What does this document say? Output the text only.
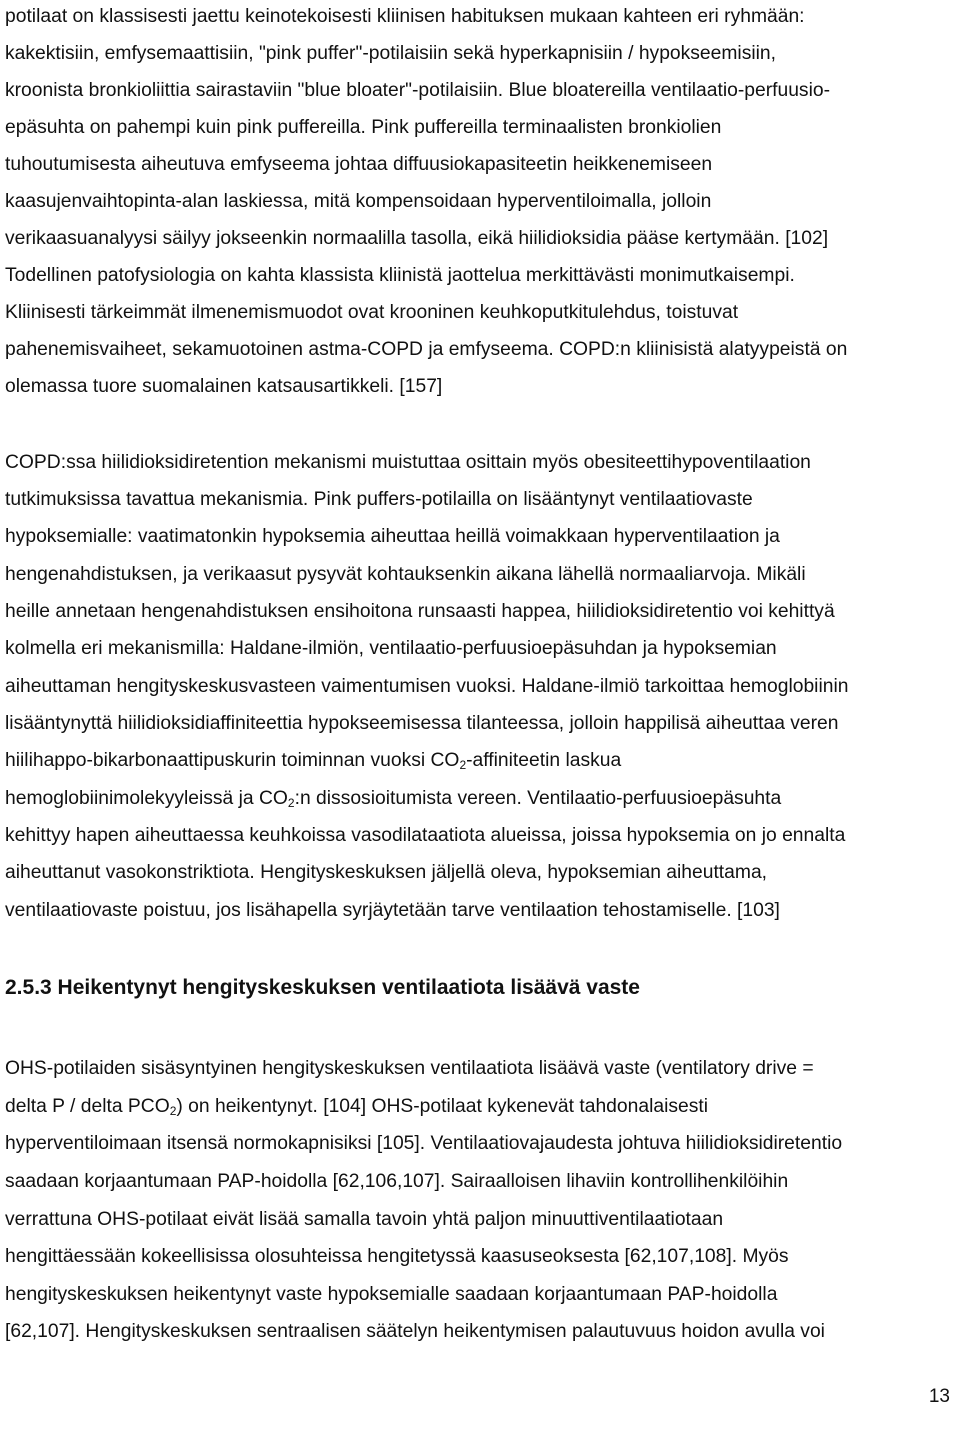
potilaat on klassisesti jaettu keinotekoisesti kliinisen habituksen mukaan kahteen eri ryhmään:
kakektisiin, emfysemaattisiin, "pink puffer"-potilaisiin sekä hyperkapnisiin / hypokseemisiin,
kroonista bronkioliittia sairastaviin "blue bloater"-potilaisiin. Blue bloatereilla ventilaatio-perfuusio-
epäsuhta on pahempi kuin pink puffereilla. Pink puffereilla terminaalisten bronkiolien
tuhoutumisesta aiheutuva emfyseema johtaa diffuusiokapasiteetin heikkenemiseen
kaasujenvaihtopinta-alan laskiessa, mitä kompensoidaan hyperventiloimalla, jolloin
verikaasuanalyysi säilyy jokseenkin normaalilla tasolla, eikä hiilidioksidia pääse kertymään. [102]
Todellinen patofysiologia on kahta klassista kliinistä jaottelua merkittävästi monimutkaisempi.
Kliinisesti tärkeimmät ilmenemismuodot ovat krooninen keuhkoputkitulehdus, toistuvat
pahenemisvaiheet, sekamuotoinen astma-COPD ja emfyseema. COPD:n kliinisistä alatyypeistä on
olemassa tuore suomalainen katsausartikkeli. [157]
COPD:ssa hiilidioksidiretention mekanismi muistuttaa osittain myös obesiteettihypoventilaation
tutkimuksissa tavattua mekanismia. Pink puffers-potilailla on lisääntynyt ventilaatiovaste
hypoksemialle: vaatimatonkin hypoksemia aiheuttaa heillä voimakkaan hyperventilaation ja
hengenahdistuksen, ja verikaasut pysyvät kohtauksenkin aikana lähellä normaaliarvoja. Mikäli
heille annetaan hengenahdistuksen ensihoitona runsaasti happea, hiilidioksidiretentio voi kehittyä
kolmella eri mekanismilla: Haldane-ilmiön, ventilaatio-perfuusioepäsuhdan ja hypoksemian
aiheuttaman hengityskeskusvasteen vaimentumisen vuoksi. Haldane-ilmiö tarkoittaa hemoglobiinin
lisääntynyttä hiilidioksidiaffiniteettia hypokseemisessa tilanteessa, jolloin happilisä aiheuttaa veren
hiilihappo-bikarbonaattipuskurin toiminnan vuoksi $CO_2$-affiniteetin laskua
hemoglobiinimolekyyleissä ja $CO_2:n$ dissosioitumista vereen. Ventilaatio-perfuusioepäsuhta
kehittyy hapen aiheuttaessa keuhkoissa vasodilataatiota alueissa, joissa hypoksemia on jo ennalta
aiheuttanut vasokonstriktiota. Hengityskeskuksen jäljellä oleva, hypoksemian aiheuttama,
ventilaatiovaste poistuu, jos lisähapella syrjäytetään tarve ventilaation tehostamiselle. [103]
2.5.3 Heikentynyt hengityskeskuksen ventilaatiota lisäävä vaste
OHS-potilaiden sisäsyntyinen hengityskeskuksen ventilaatiota lisäävä vaste (ventilatory drive =
delta P / delta $PCO_2$) on heikentynyt. [104] OHS-potilaat kykenevät tahdonalaisesti
hyperventiloimaan itsensä normokapnisiksi [105]. Ventilaatiovajaudesta johtuva hiilidioksidiretentio
saadaan korjaantumaan PAP-hoidolla [62,106,107]. Sairaalloisen lihaviin kontrollihenkilöihin
verrattuna OHS-potilaat eivät lisää samalla tavoin yhtä paljon minuuttiventilaatiotaan
hengittäessään kokeellisissa olosuhteissa hengitetyssä kaasuseoksesta [62,107,108]. Myös
hengityskeskuksen heikentynyt vaste hypoksemialle saadaan korjaantumaan PAP-hoidolla
[62,107]. Hengityskeskuksen sentraalisen säätelyn heikentymisen palautuvuus hoidon avulla voi
13
